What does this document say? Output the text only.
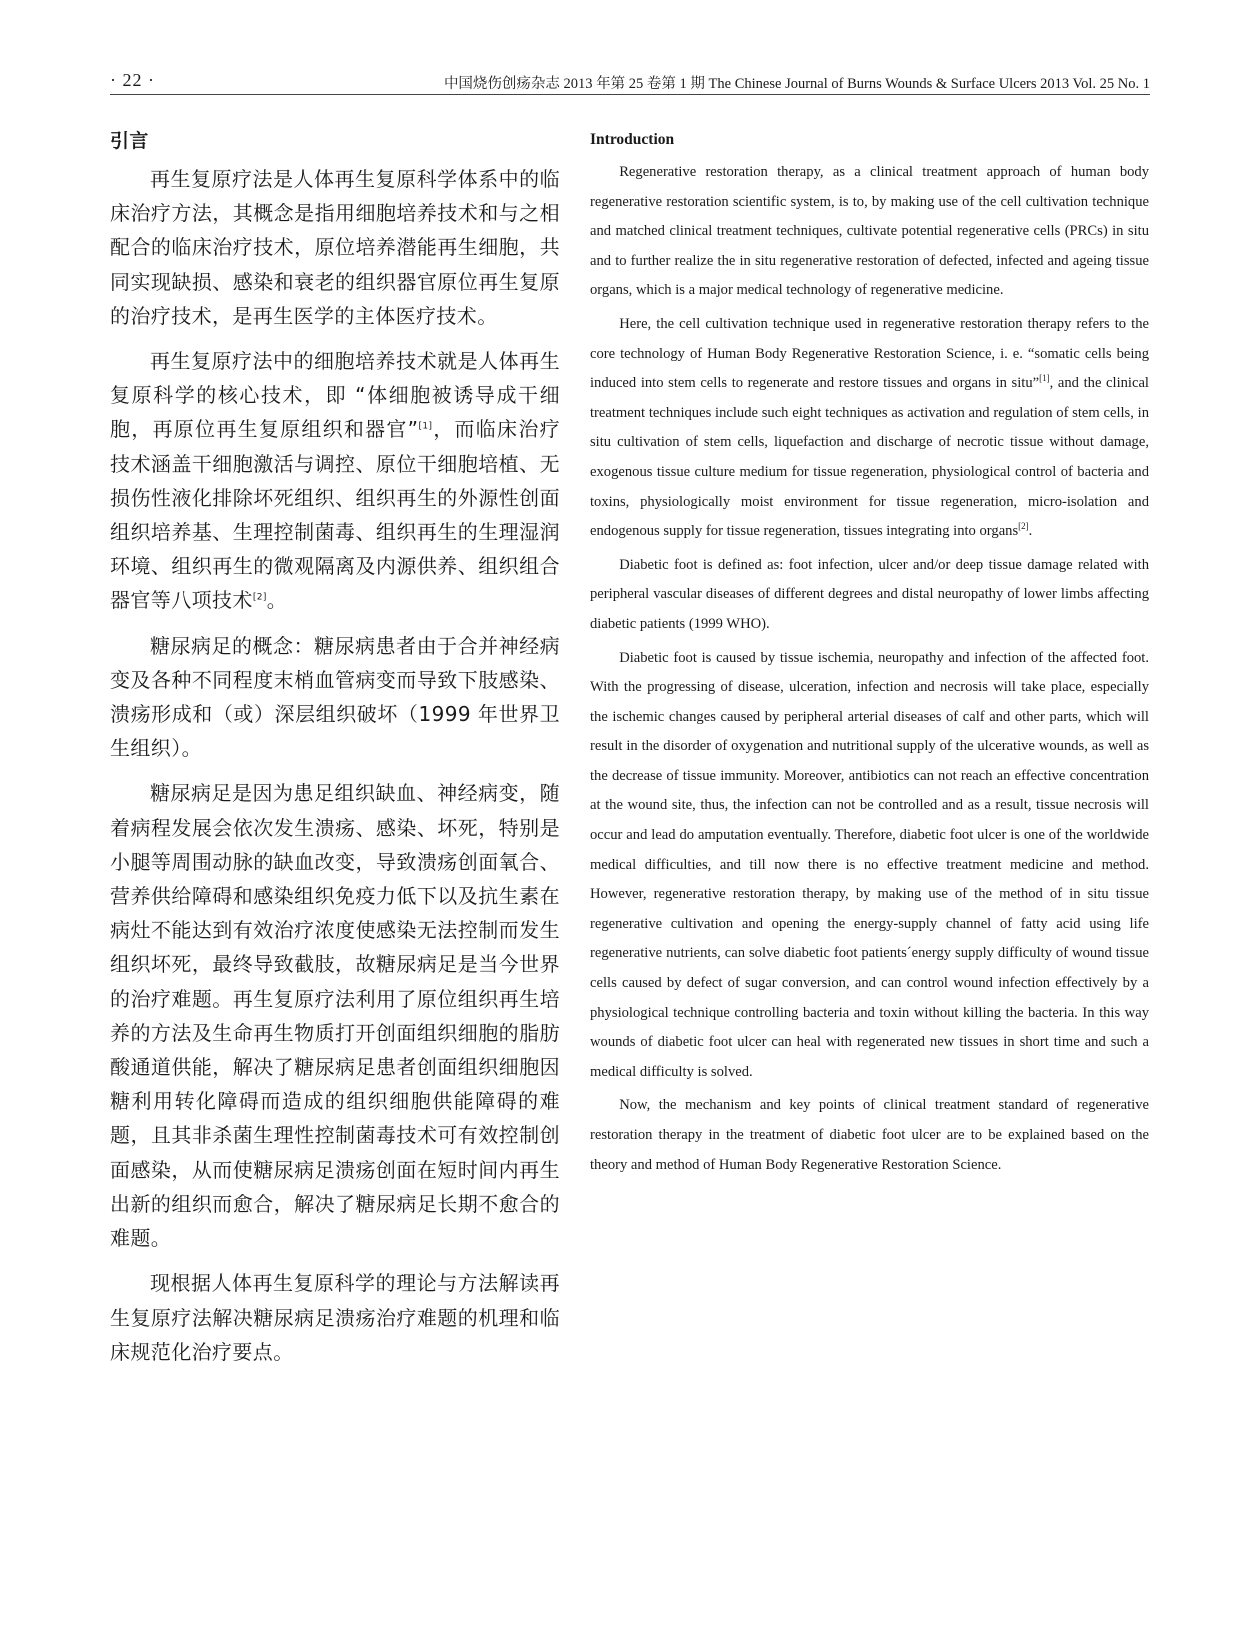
· 22 ·	中国烧伤创疡杂志 2013 年第 25 卷第 1 期 The Chinese Journal of Burns Wounds & Surface Ulcers 2013 Vol. 25 No. 1
引言

再生复原疗法是人体再生复原科学体系中的临床治疗方法，其概念是指用细胞培养技术和与之相配合的临床治疗技术，原位培养潜能再生细胞，共同实现缺损、感染和衰老的组织器官原位再生复原的治疗技术，是再生医学的主体医疗技术。

再生复原疗法中的细胞培养技术就是人体再生复原科学的核心技术，即 “体细胞被诱导成干细胞，再原位再生复原组织和器官”[1]，而临床治疗技术涵盖干细胞激活与调控、原位干细胞培植、无损伤性液化排除坏死组织、组织再生的外源性创面组织培养基、生理控制菌毒、组织再生的生理湿润环境、组织再生的微观隔离及内源供养、组织组合器官等八项技术[2]。

糖尿病足的概念：糖尿病患者由于合并神经病变及各种不同程度末梢血管病变而导致下肢感染、溃疡形成和（或）深层组织破坏（1999 年世界卫生组织）。

糖尿病足是因为患足组织缺血、神经病变，随着病程发展会依次发生溃疡、感染、坏死，特别是小腿等周围动脉的缺血改变，导致溃疡创面氧合、营养供给障碍和感染组织免疫力低下以及抗生素在病灶不能达到有效治疗浓度使感染无法控制而发生组织坏死，最终导致截肢，故糖尿病足是当今世界的治疗难题。再生复原疗法利用了原位组织再生培养的方法及生命再生物质打开创面组织细胞的脂肪酸通道供能，解决了糖尿病足患者创面组织细胞因糖利用转化障碍而造成的组织细胞供能障碍的难题，且其非杀菌生理性控制菌毒技术可有效控制创面感染，从而使糖尿病足溃疡创面在短时间内再生出新的组织而愈合，解决了糖尿病足长期不愈合的难题。

现根据人体再生复原科学的理论与方法解读再生复原疗法解决糖尿病足溃疡治疗难题的机理和临床规范化治疗要点。

Introduction

Regenerative restoration therapy, as a clinical treatment approach of human body regenerative restoration scientific system, is to, by making use of the cell cultivation technique and matched clinical treatment techniques, cultivate potential regenerative cells (PRCs) in situ and to further realize the in situ regenerative restoration of defected, infected and ageing tissue organs, which is a major medical technology of regenerative medicine.

Here, the cell cultivation technique used in regenerative restoration therapy refers to the core technology of Human Body Regenerative Restoration Science, i. e. “somatic cells being induced into stem cells to regenerate and restore tissues and organs in situ”[1], and the clinical treatment techniques include such eight techniques as activation and regulation of stem cells, in situ cultivation of stem cells, liquefaction and discharge of necrotic tissue without damage, exogenous tissue culture medium for tissue regeneration, physiological control of bacteria and toxins, physiologically moist environment for tissue regeneration, micro-isolation and endogenous supply for tissue regeneration, tissues integrating into organs[2].

Diabetic foot is defined as: foot infection, ulcer and/or deep tissue damage related with peripheral vascular diseases of different degrees and distal neuropathy of lower limbs affecting diabetic patients (1999 WHO).

Diabetic foot is caused by tissue ischemia, neuropathy and infection of the affected foot. With the progressing of disease, ulceration, infection and necrosis will take place, especially the ischemic changes caused by peripheral arterial diseases of calf and other parts, which will result in the disorder of oxygenation and nutritional supply of the ulcerative wounds, as well as the decrease of tissue immunity. Moreover, antibiotics can not reach an effective concentration at the wound site, thus, the infection can not be controlled and as a result, tissue necrosis will occur and lead do amputation eventually. Therefore, diabetic foot ulcer is one of the worldwide medical difficulties, and till now there is no effective treatment medicine and method. However, regenerative restoration therapy, by making use of the method of in situ tissue regenerative cultivation and opening the energy-supply channel of fatty acid using life regenerative nutrients, can solve diabetic foot patients´energy supply difficulty of wound tissue cells caused by defect of sugar conversion, and can control wound infection effectively by a physiological technique controlling bacteria and toxin without killing the bacteria. In this way wounds of diabetic foot ulcer can heal with regenerated new tissues in short time and such a medical difficulty is solved.

Now, the mechanism and key points of clinical treatment standard of regenerative restoration therapy in the treatment of diabetic foot ulcer are to be explained based on the theory and method of Human Body Regenerative Restoration Science.
